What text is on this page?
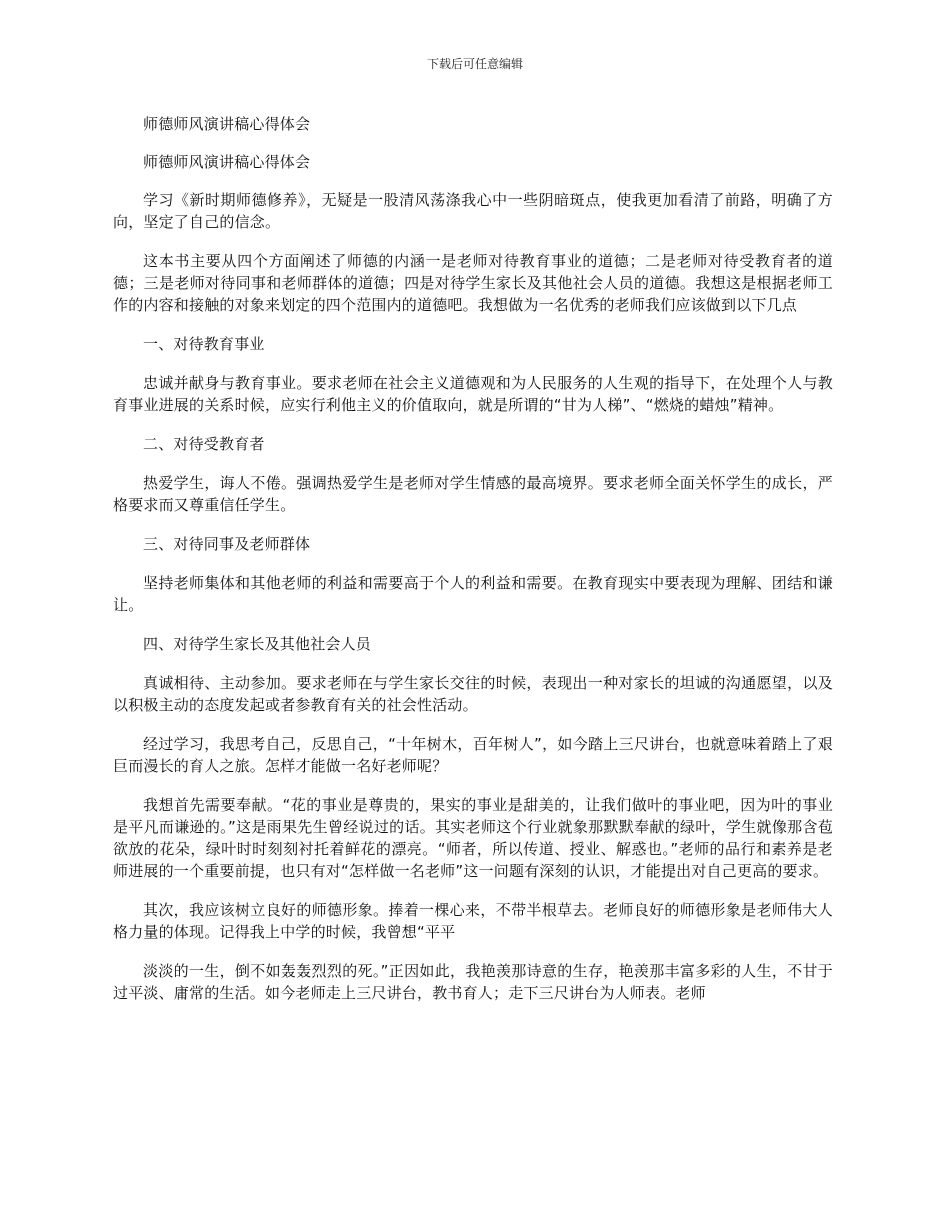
下载后可任意编辑

师德师风演讲稿心得体会

师德师风演讲稿心得体会

学习《新时期师德修养》，无疑是一股清风荡涤我心中一些阴暗斑点，使我更加看清了前路，明确了方向，坚定了自己的信念。

这本书主要从四个方面阐述了师德的内涵一是老师对待教育事业的道德；二是老师对待受教育者的道德；三是老师对待同事和老师群体的道德；四是对待学生家长及其他社会人员的道德。我想这是根据老师工作的内容和接触的对象来划定的四个范围内的道德吧。我想做为一名优秀的老师我们应该做到以下几点

一、对待教育事业

忠诚并献身与教育事业。要求老师在社会主义道德观和为人民服务的人生观的指导下，在处理个人与教育事业进展的关系时候，应实行利他主义的价值取向，就是所谓的“甘为人梯”、“燃烧的蜡烛”精神。

二、对待受教育者

热爱学生，诲人不倦。强调热爱学生是老师对学生情感的最高境界。要求老师全面关怀学生的成长，严格要求而又尊重信任学生。

三、对待同事及老师群体

坚持老师集体和其他老师的利益和需要高于个人的利益和需要。在教育现实中要表现为理解、团结和谦让。

四、对待学生家长及其他社会人员

真诚相待、主动参加。要求老师在与学生家长交往的时候，表现出一种对家长的坦诚的沟通愿望，以及以积极主动的态度发起或者参教育有关的社会性活动。

经过学习，我思考自己，反思自己，“十年树木，百年树人”，如今踏上三尺讲台，也就意味着踏上了艰巨而漫长的育人之旅。怎样才能做一名好老师呢？

我想首先需要奉献。“花的事业是尊贵的，果实的事业是甜美的，让我们做叶的事业吧，因为叶的事业是平凡而谦逊的。”这是雨果先生曾经说过的话。其实老师这个行业就象那默默奉献的绿叶，学生就像那含苞欲放的花朵，绿叶时时刻刻衬托着鲜花的漂亮。“师者，所以传道、授业、解惑也。”老师的品行和素养是老师进展的一个重要前提，也只有对“怎样做一名老师”这一问题有深刻的认识，才能提出对自己更高的要求。

其次，我应该树立良好的师德形象。捧着一棵心来，不带半根草去。老师良好的师德形象是老师伟大人格力量的体现。记得我上中学的时候，我曾想“平平

淡淡的一生，倒不如轰轰烈烈的死。”正因如此，我艳羡那诗意的生存，艳羡那丰富多彩的人生，不甘于过平淡、庸常的生活。如今老师走上三尺讲台，教书育人；走下三尺讲台为人师表。老师
